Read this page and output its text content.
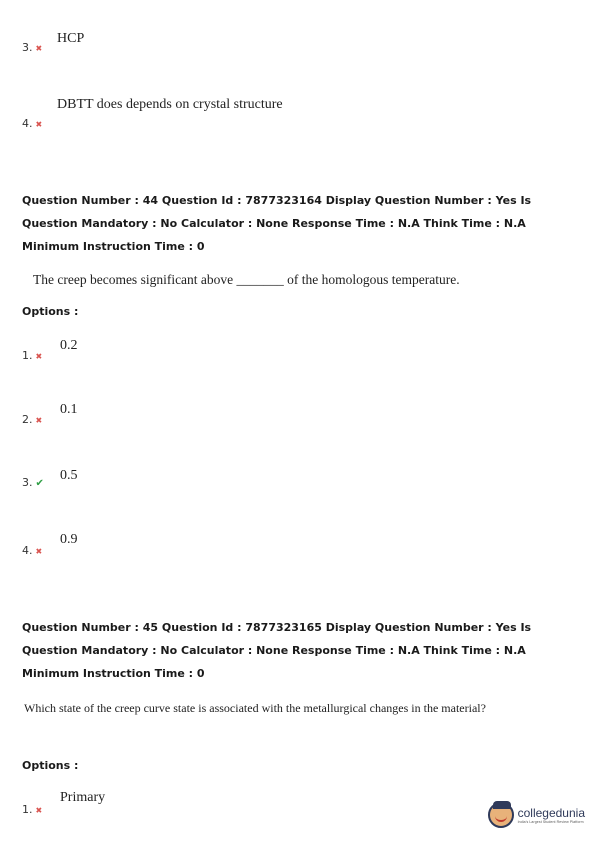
3. ✖
HCP
4. ✖
DBTT does depends on crystal structure
Question Number : 44 Question Id : 7877323164 Display Question Number : Yes Is Question Mandatory : No Calculator : None Response Time : N.A Think Time : N.A Minimum Instruction Time : 0
The creep becomes significant above _______ of the homologous temperature.
Options :
1. ✖
0.2
2. ✖
0.1
3. ✔
0.5
4. ✖
0.9
Question Number : 45 Question Id : 7877323165 Display Question Number : Yes Is Question Mandatory : No Calculator : None Response Time : N.A Think Time : N.A Minimum Instruction Time : 0
Which state of the creep curve state is associated with the metallurgical changes in the material?
Options :
1. ✖
Primary
collegedunia
India's Largest Student Review Platform
